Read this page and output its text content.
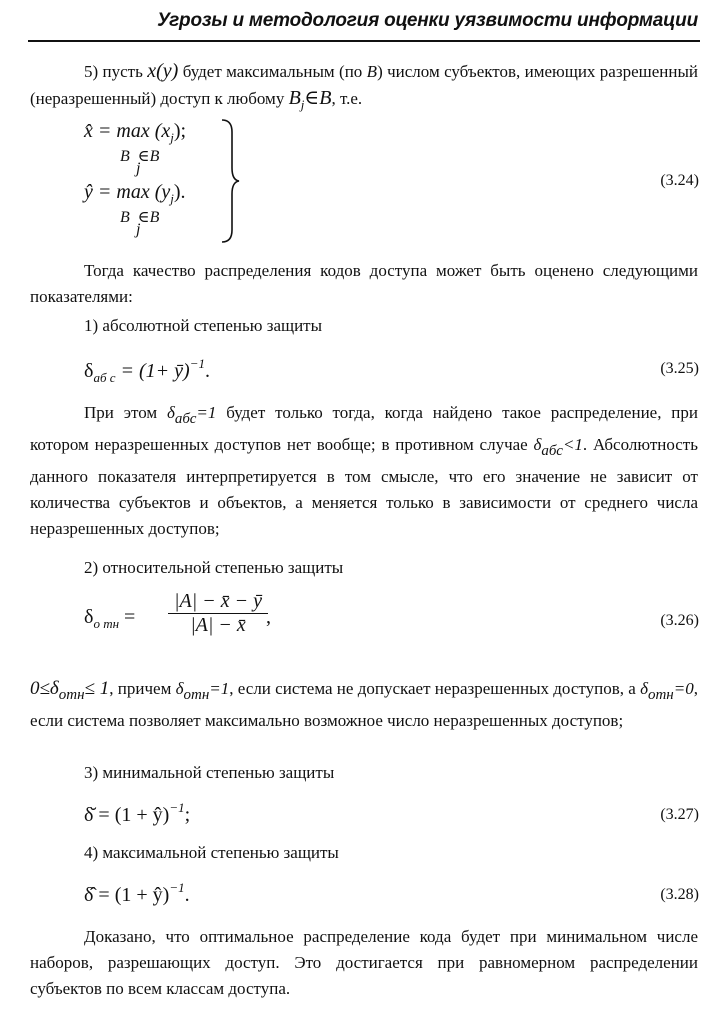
Угрозы и методология оценки уязвимости информации
5) пусть x(y) будет максимальным (по B) числом субъектов, имеющих разрешенный (неразрешенный) доступ к любому $B_j\in B$, т.е.
x̂ = $\max (x_j)$;
B ∈B
j
ŷ = $\max (y_j)$.
B ∈B
j
(3.24)
Тогда качество распределения кодов доступа может быть оценено следующими показателями:
1) абсолютной степенью защиты
$\delta_{аб с} = (1+$ ȳ)$^{-1}$.	(3.25)
При этом δабс=1 будет только тогда, когда найдено такое распределение, при котором неразрешенных доступов нет вообще; в противном случае δабс<1. Абсолютность данного показателя интерпретируется в том смысле, что его значение не зависит от количества субъектов и объектов, а меняется только в зависимости от среднего числа неразрешенных доступов;
2) относительной степенью защиты
$\delta_{о тн} = \frac{|A| - x̄ - ȳ}{|A| - x̄}$
,	(3.26)
0≤δотн≤ 1, причем δотн=1, если система не допускает неразрешенных доступов, а δотн=0, если система позволяет максимально возможное число неразрешенных доступов;
3) минимальной степенью защиты
δ̆ = (1 + ŷ)$^{-1}$;	(3.27)
4) максимальной степенью защиты
δ̂ = (1 + ŷ)$^{-1}$.	(3.28)
Доказано, что оптимальное распределение кода будет при минимальном числе наборов, разрешающих доступ. Это достигается при равномерном распределении субъектов по всем классам доступа.
